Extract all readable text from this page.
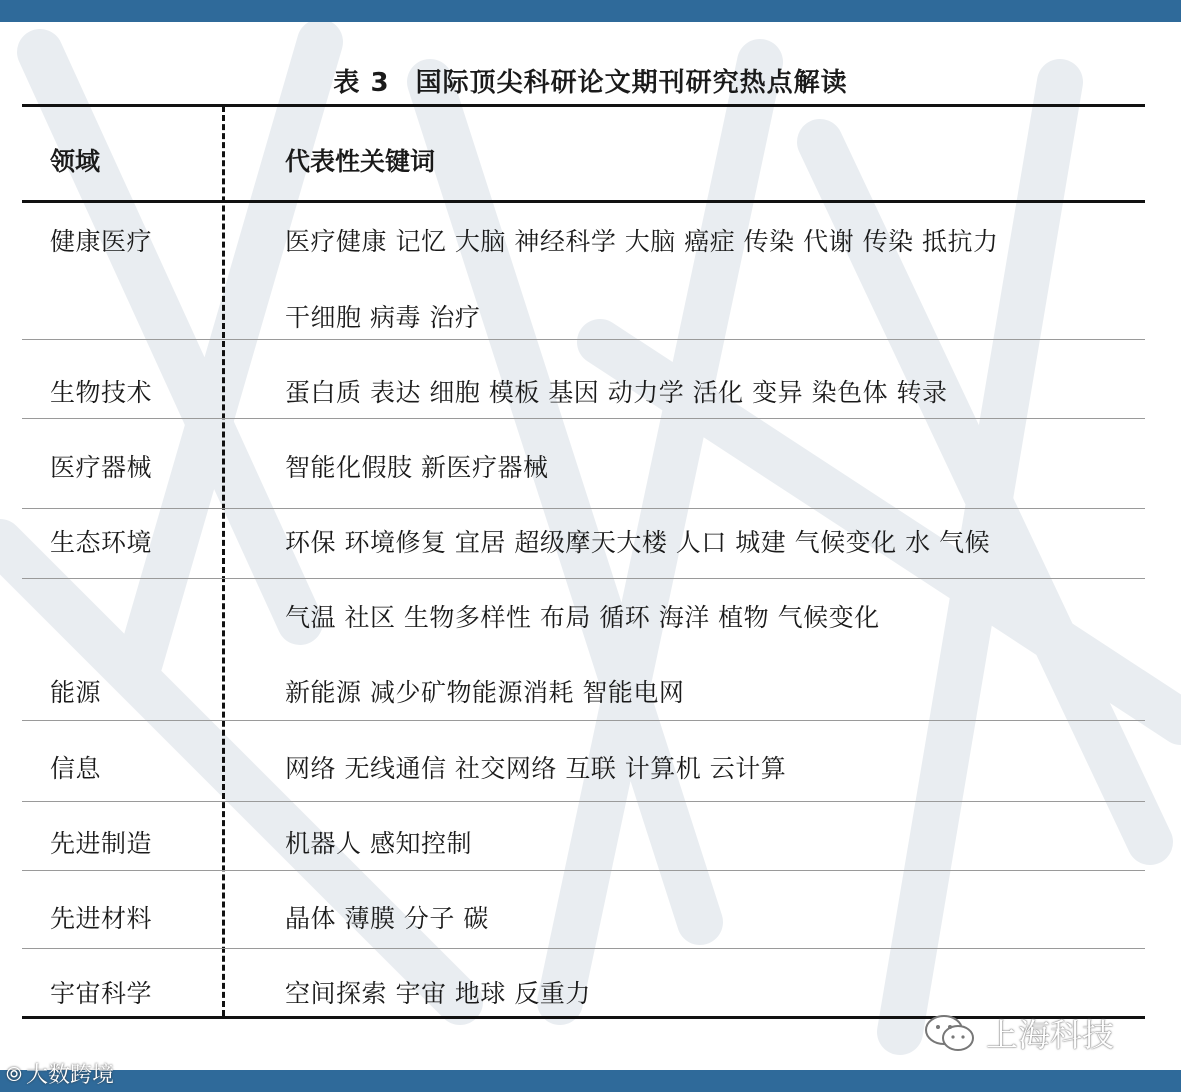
表 3 国际顶尖科研论文期刊研究热点解读
领域	代表性关键词
健康医疗	医疗健康 记忆 大脑 神经科学 大脑 癌症 传染 代谢 传染 抵抗力
干细胞 病毒 治疗
生物技术	蛋白质 表达 细胞 模板 基因 动力学 活化 变异 染色体 转录
医疗器械	智能化假肢 新医疗器械
生态环境	环保 环境修复 宜居 超级摩天大楼 人口 城建 气候变化 水 气候
气温 社区 生物多样性 布局 循环 海洋 植物 气候变化
能源	新能源 减少矿物能源消耗 智能电网
信息	网络 无线通信 社交网络 互联 计算机 云计算
先进制造	机器人 感知控制
先进材料	晶体 薄膜 分子 碳
宇宙科学	空间探索 宇宙 地球 反重力
上海科技
⦾ 大数跨境
